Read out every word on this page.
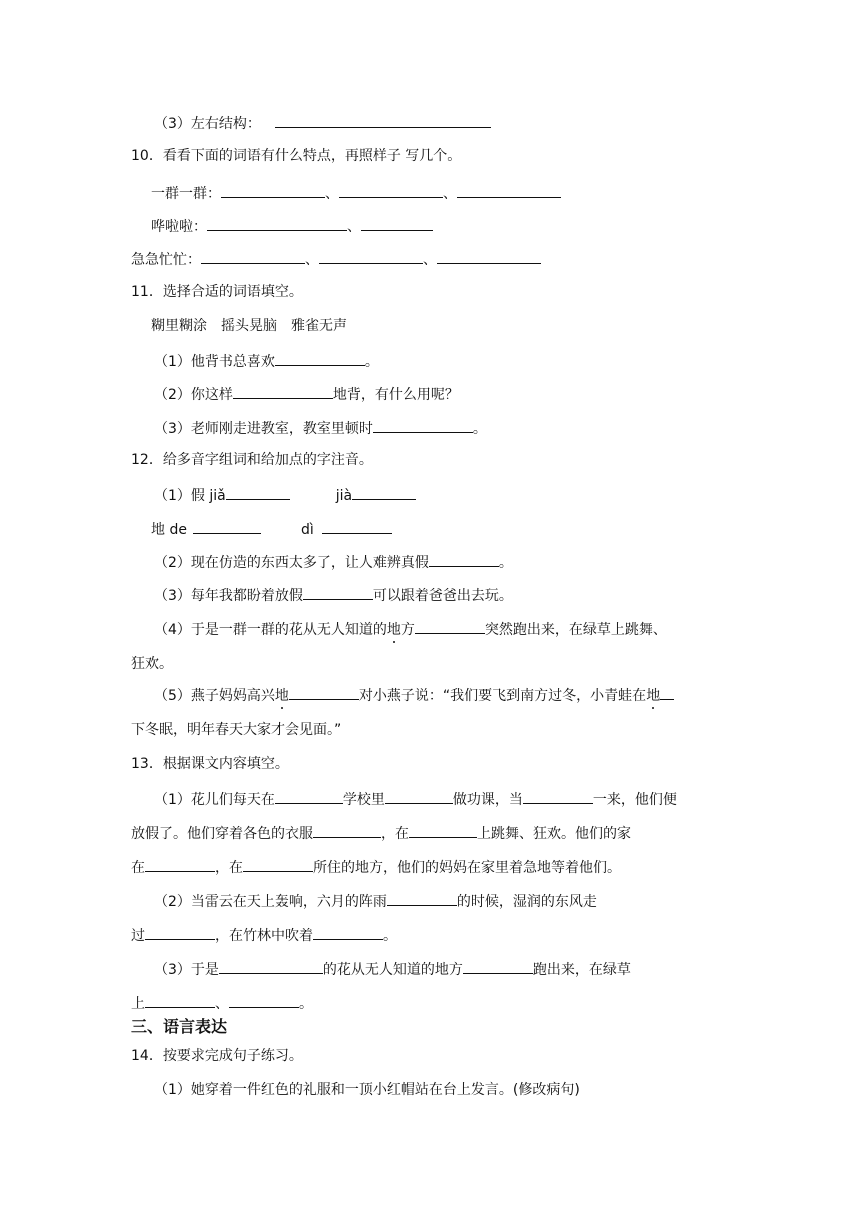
（3）左右结构：
10．看看下面的词语有什么特点，再照样子 写几个。
一群一群：	、	、
哗啦啦：	、
急急忙忙：	、	、
11．选择合适的词语填空。
糊里糊涂　摇头晃脑　雅雀无声
（1）他背书总喜欢	。
（2）你这样	地背，有什么用呢？
（3）老师刚走进教室，教室里顿时	。
12．给多音字组词和给加点的字注音。
（1）假 jiǎ	jià
地 de	dì
（2）现在仿造的东西太多了，让人难辨真假	。
（3）每年我都盼着放假	可以跟着爸爸出去玩。
（4）于是一群一群的花从无人知道的地方	突然跑出来，在绿草上跳舞、
狂欢。
（5）燕子妈妈高兴地	对小燕子说：“我们要飞到南方过冬，小青蛙在地
下冬眠，明年春天大家才会见面。”
13．根据课文内容填空。
（1）花儿们每天在	学校里	做功课，当	一来，他们便
放假了。他们穿着各色的衣服	，在	上跳舞、狂欢。他们的家
在	，在	所住的地方，他们的妈妈在家里着急地等着他们。
（2）当雷云在天上轰响，六月的阵雨	的时候，湿润的东风走
过	，在竹林中吹着	。
（3）于是	的花从无人知道的地方	跑出来，在绿草
上	、	。
三、语言表达
14．按要求完成句子练习。
（1）她穿着一件红色的礼服和一顶小红帽站在台上发言。(修改病句)
